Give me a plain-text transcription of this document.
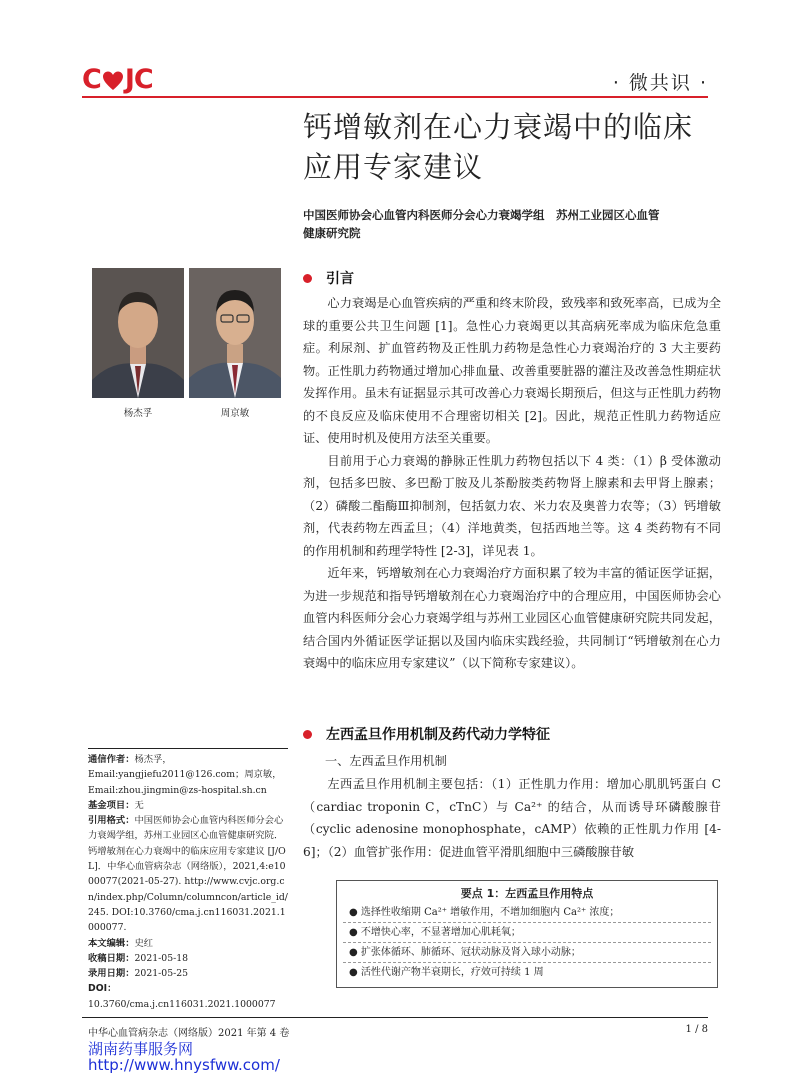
C JC	· 微共识 ·
钙增敏剂在心力衰竭中的临床
应用专家建议
中国医师协会心血管内科医师分会心力衰竭学组　苏州工业园区心血管
健康研究院
杨杰孚	周京敏
引言

心力衰竭是心血管疾病的严重和终末阶段，致残率和致死率高，已成为全球的重要公共卫生问题 [1]。急性心力衰竭更以其高病死率成为临床危急重症。利尿剂、扩血管药物及正性肌力药物是急性心力衰竭治疗的 3 大主要药物。正性肌力药物通过增加心排血量、改善重要脏器的灌注及改善急性期症状发挥作用。虽未有证据显示其可改善心力衰竭长期预后，但这与正性肌力药物的不良反应及临床使用不合理密切相关 [2]。因此，规范正性肌力药物适应证、使用时机及使用方法至关重要。

目前用于心力衰竭的静脉正性肌力药物包括以下 4 类：（1）β 受体激动剂，包括多巴胺、多巴酚丁胺及儿茶酚胺类药物肾上腺素和去甲肾上腺素；（2）磷酸二酯酶Ⅲ抑制剂，包括氨力农、米力农及奥普力农等；（3）钙增敏剂，代表药物左西孟旦；（4）洋地黄类，包括西地兰等。这 4 类药物有不同的作用机制和药理学特性 [2-3]，详见表 1。

近年来，钙增敏剂在心力衰竭治疗方面积累了较为丰富的循证医学证据，为进一步规范和指导钙增敏剂在心力衰竭治疗中的合理应用，中国医师协会心血管内科医师分会心力衰竭学组与苏州工业园区心血管健康研究院共同发起，结合国内外循证医学证据以及国内临床实践经验，共同制订“钙增敏剂在心力衰竭中的临床应用专家建议”（以下简称专家建议）。

左西孟旦作用机制及药代动力学特征
一、左西孟旦作用机制

左西孟旦作用机制主要包括：（1）正性肌力作用：增加心肌肌钙蛋白 C（cardiac troponin C，cTnC）与 Ca²⁺ 的结合，从而诱导环磷酸腺苷（cyclic adenosine monophosphate，cAMP）依赖的正性肌力作用 [4-6]；（2）血管扩张作用：促进血管平滑肌细胞中三磷酸腺苷敏

通信作者：杨杰孚，Email:yangjiefu2011@126.com；周京敏，Email:zhou.jingmin@zs-hospital.sh.cn
基金项目：无
引用格式：中国医师协会心血管内科医师分会心力衰竭学组，苏州工业园区心血管健康研究院．钙增敏剂在心力衰竭中的临床应用专家建议 [J/OL]．中华心血管病杂志（网络版），2021,4:e1000077(2021-05-27). http://www.cvjc.org.cn/index.php/Column/columncon/article_id/245. DOI:10.3760/cma.j.cn116031.2021.1000077.
本文编辑：史红
收稿日期：2021-05-18
录用日期：2021-05-25
DOI：10.3760/cma.j.cn116031.2021.1000077
要点 1：左西孟旦作用特点
● 选择性收缩期 Ca²⁺ 增敏作用，不增加细胞内 Ca²⁺ 浓度；
● 不增快心率，不显著增加心肌耗氧；
● 扩张体循环、肺循环、冠状动脉及肾入球小动脉；
● 活性代谢产物半衰期长，疗效可持续 1 周
中华心血管病杂志（网络版）2021 年第 4 卷	1 / 8
湖南药事服务网
http://www.hnysfww.com/
